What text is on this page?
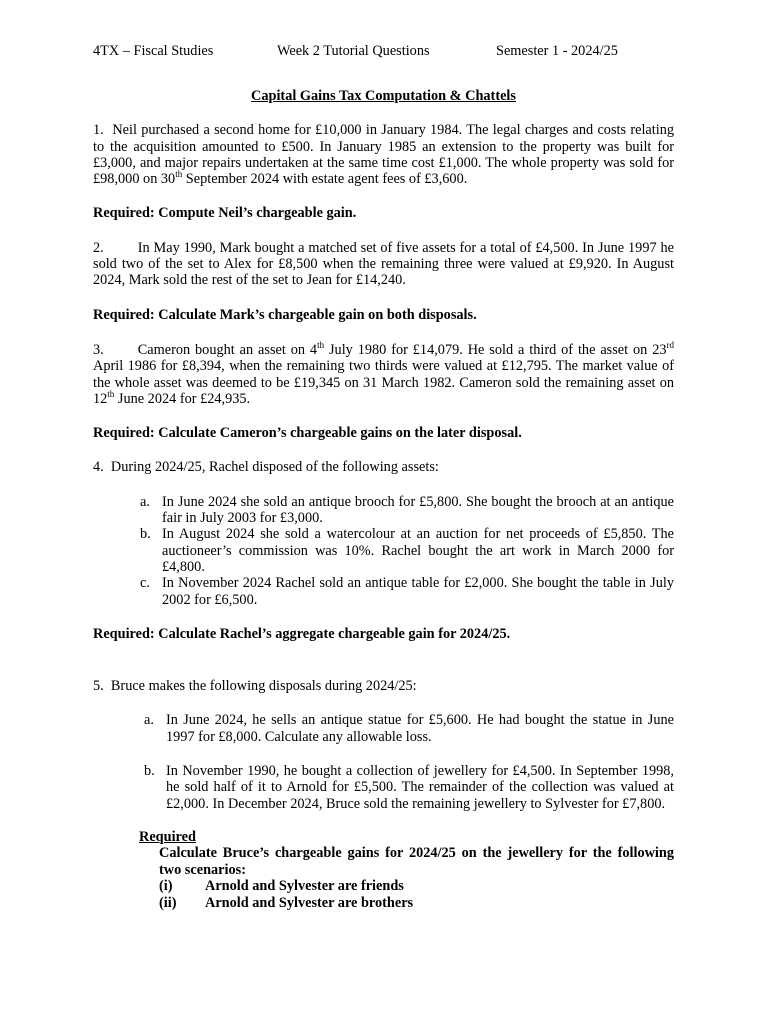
4TX – Fiscal Studies	Week 2 Tutorial Questions	Semester 1 - 2024/25
Capital Gains Tax Computation & Chattels

1. Neil purchased a second home for £10,000 in January 1984. The legal charges and costs relating to the acquisition amounted to £500. In January 1985 an extension to the property was built for £3,000, and major repairs undertaken at the same time cost £1,000. The whole property was sold for £98,000 on 30th September 2024 with estate agent fees of £3,600.

Required: Compute Neil’s chargeable gain.

2. In May 1990, Mark bought a matched set of five assets for a total of £4,500. In June 1997 he sold two of the set to Alex for £8,500 when the remaining three were valued at £9,920. In August 2024, Mark sold the rest of the set to Jean for £14,240.

Required: Calculate Mark’s chargeable gain on both disposals.

3. Cameron bought an asset on 4th July 1980 for £14,079. He sold a third of the asset on 23rd April 1986 for £8,394, when the remaining two thirds were valued at £12,795. The market value of the whole asset was deemed to be £19,345 on 31 March 1982. Cameron sold the remaining asset on 12th June 2024 for £24,935.

Required: Calculate Cameron’s chargeable gains on the later disposal.

4. During 2024/25, Rachel disposed of the following assets:

a. In June 2024 she sold an antique brooch for £5,800. She bought the brooch at an antique fair in July 2003 for £3,000.
b. In August 2024 she sold a watercolour at an auction for net proceeds of £5,850. The auctioneer’s commission was 10%. Rachel bought the art work in March 2000 for £4,800.
c. In November 2024 Rachel sold an antique table for £2,000. She bought the table in July 2002 for £6,500.

Required: Calculate Rachel’s aggregate chargeable gain for 2024/25.

5. Bruce makes the following disposals during 2024/25:

a. In June 2024, he sells an antique statue for £5,600. He had bought the statue in June 1997 for £8,000. Calculate any allowable loss.
b. In November 1990, he bought a collection of jewellery for £4,500. In September 1998, he sold half of it to Arnold for £5,500. The remainder of the collection was valued at £2,000. In December 2024, Bruce sold the remaining jewellery to Sylvester for £7,800.
Required
Calculate Bruce’s chargeable gains for 2024/25 on the jewellery for the following two scenarios:
(i) Arnold and Sylvester are friends
(ii) Arnold and Sylvester are brothers
